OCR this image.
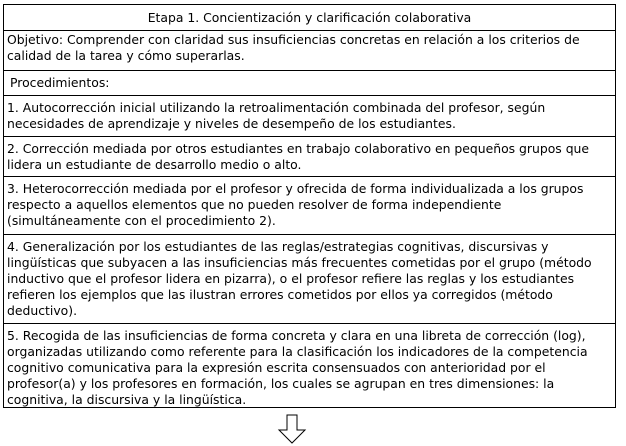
Etapa 1. Concientización y clarificación colaborativa
Objetivo: Comprender con claridad sus insuficiencias concretas en relación a los criterios de calidad de la tarea y cómo superarlas.
Procedimientos:
1. Autocorrección inicial utilizando la retroalimentación combinada del profesor, según necesidades de aprendizaje y niveles de desempeño de los estudiantes.
2. Corrección mediada por otros estudiantes en trabajo colaborativo en pequeños grupos que lidera un estudiante de desarrollo medio o alto.
3. Heterocorrección mediada por el profesor y ofrecida de forma individualizada a los grupos respecto a aquellos elementos que no pueden resolver de forma independiente (simultáneamente con el procedimiento 2).
4. Generalización por los estudiantes de las reglas/estrategias cognitivas, discursivas y lingüísticas que subyacen a las insuficiencias más frecuentes cometidas por el grupo (método inductivo que el profesor lidera en pizarra), o el profesor refiere las reglas y los estudiantes refieren los ejemplos que las ilustran errores cometidos por ellos ya corregidos (método deductivo).
5. Recogida de las insuficiencias de forma concreta y clara en una libreta de corrección (log), organizadas utilizando como referente para la clasificación los indicadores de la competencia cognitivo comunicativa para la expresión escrita consensuados con anterioridad por el profesor(a) y los profesores en formación, los cuales se agrupan en tres dimensiones: la cognitiva, la discursiva y la lingüística.
